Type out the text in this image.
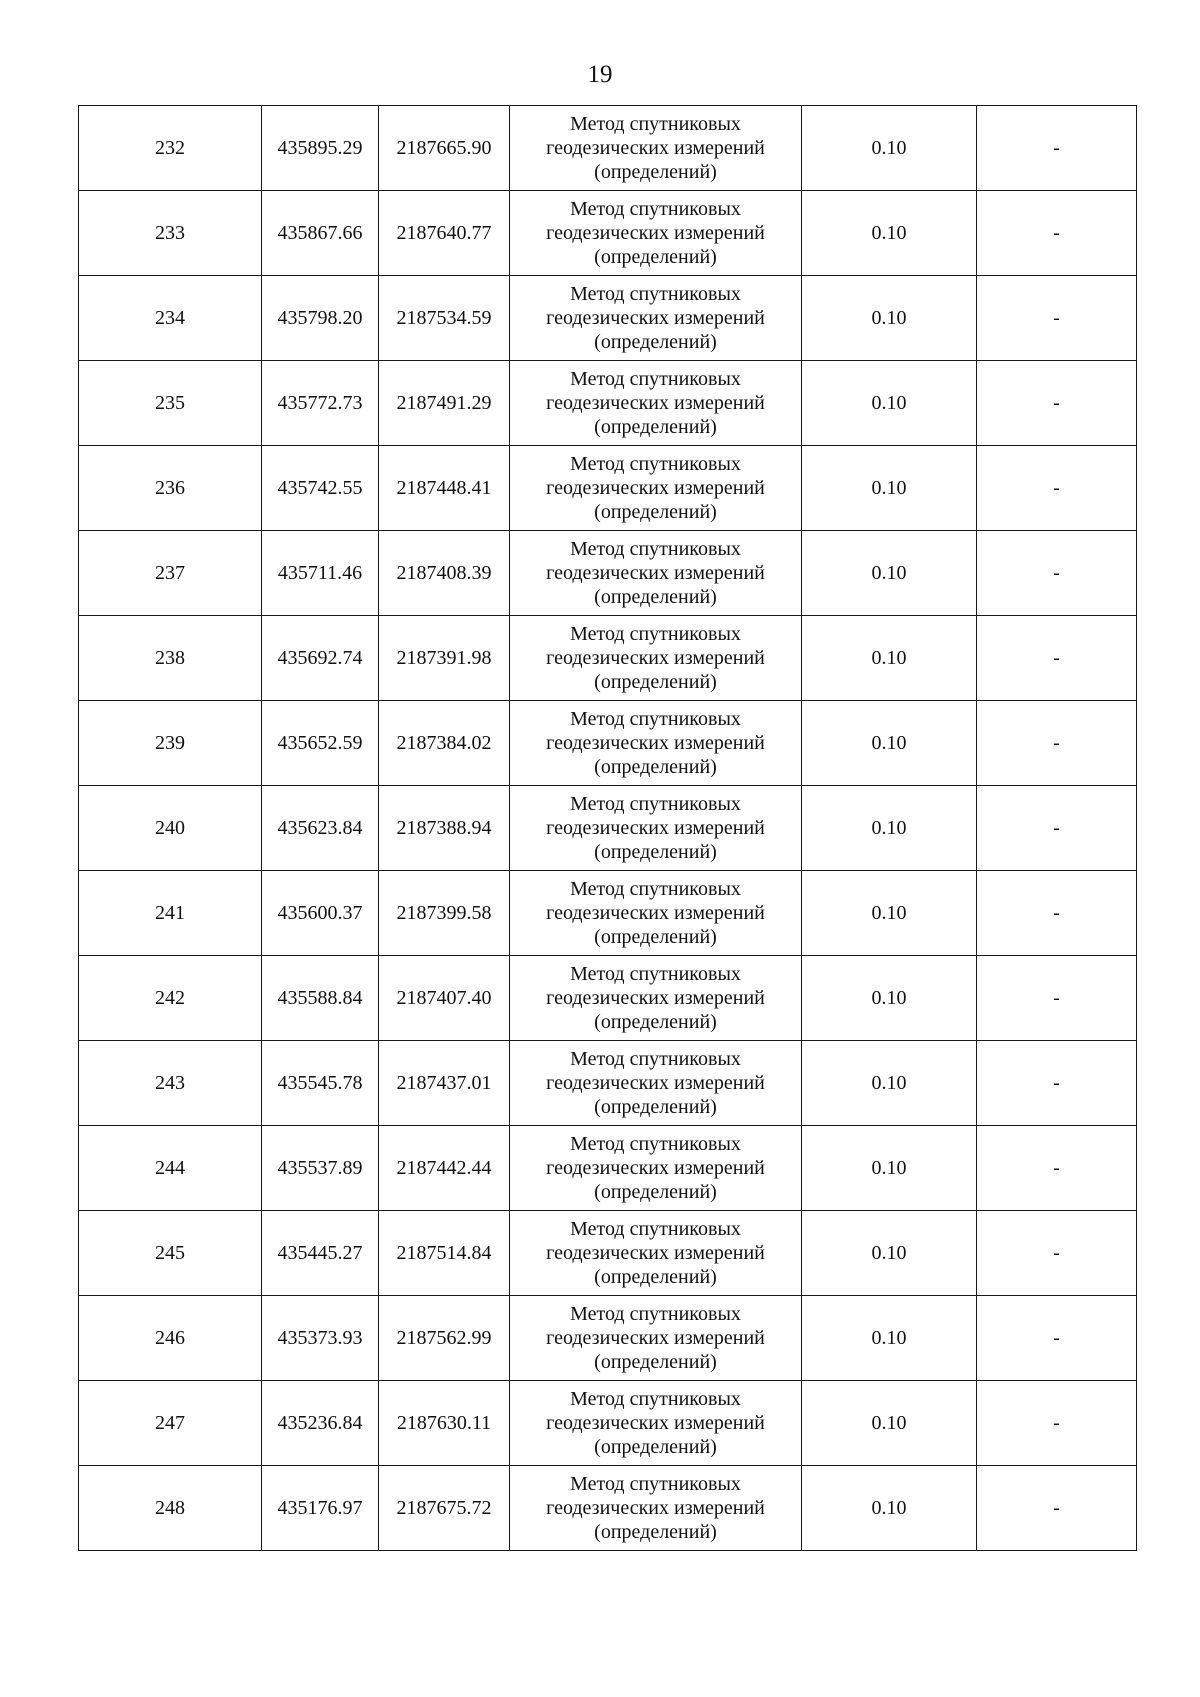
19
232	435895.29	2187665.90	Метод спутниковых
геодезических измерений
(определений)	0.10	-
233	435867.66	2187640.77	Метод спутниковых
геодезических измерений
(определений)	0.10	-
234	435798.20	2187534.59	Метод спутниковых
геодезических измерений
(определений)	0.10	-
235	435772.73	2187491.29	Метод спутниковых
геодезических измерений
(определений)	0.10	-
236	435742.55	2187448.41	Метод спутниковых
геодезических измерений
(определений)	0.10	-
237	435711.46	2187408.39	Метод спутниковых
геодезических измерений
(определений)	0.10	-
238	435692.74	2187391.98	Метод спутниковых
геодезических измерений
(определений)	0.10	-
239	435652.59	2187384.02	Метод спутниковых
геодезических измерений
(определений)	0.10	-
240	435623.84	2187388.94	Метод спутниковых
геодезических измерений
(определений)	0.10	-
241	435600.37	2187399.58	Метод спутниковых
геодезических измерений
(определений)	0.10	-
242	435588.84	2187407.40	Метод спутниковых
геодезических измерений
(определений)	0.10	-
243	435545.78	2187437.01	Метод спутниковых
геодезических измерений
(определений)	0.10	-
244	435537.89	2187442.44	Метод спутниковых
геодезических измерений
(определений)	0.10	-
245	435445.27	2187514.84	Метод спутниковых
геодезических измерений
(определений)	0.10	-
246	435373.93	2187562.99	Метод спутниковых
геодезических измерений
(определений)	0.10	-
247	435236.84	2187630.11	Метод спутниковых
геодезических измерений
(определений)	0.10	-
248	435176.97	2187675.72	Метод спутниковых
геодезических измерений
(определений)	0.10	-
